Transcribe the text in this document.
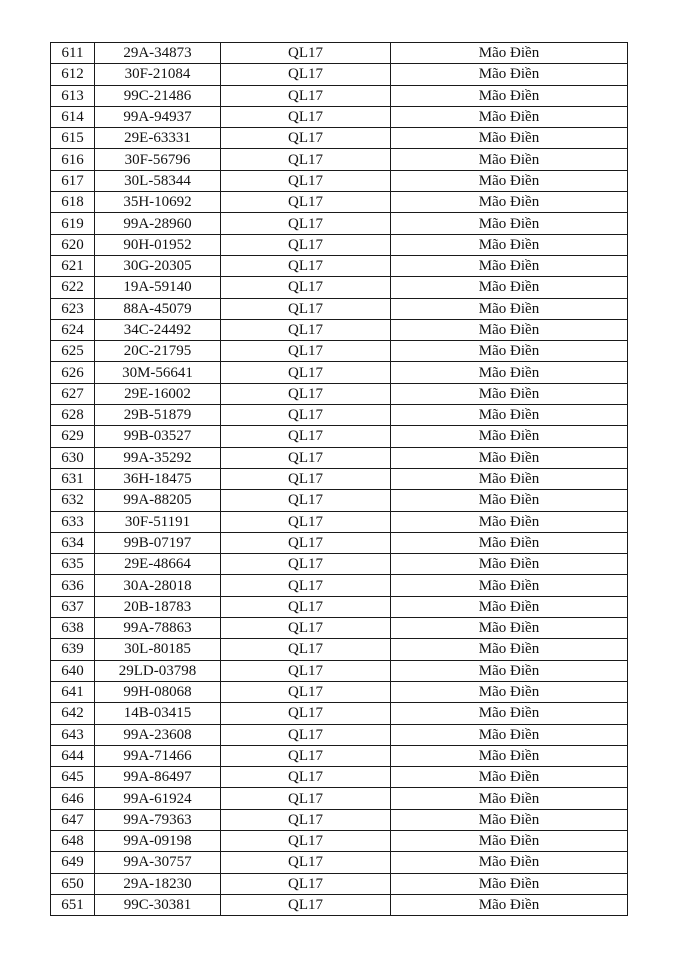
611	29A-34873	QL17	Mão Điền
612	30F-21084	QL17	Mão Điền
613	99C-21486	QL17	Mão Điền
614	99A-94937	QL17	Mão Điền
615	29E-63331	QL17	Mão Điền
616	30F-56796	QL17	Mão Điền
617	30L-58344	QL17	Mão Điền
618	35H-10692	QL17	Mão Điền
619	99A-28960	QL17	Mão Điền
620	90H-01952	QL17	Mão Điền
621	30G-20305	QL17	Mão Điền
622	19A-59140	QL17	Mão Điền
623	88A-45079	QL17	Mão Điền
624	34C-24492	QL17	Mão Điền
625	20C-21795	QL17	Mão Điền
626	30M-56641	QL17	Mão Điền
627	29E-16002	QL17	Mão Điền
628	29B-51879	QL17	Mão Điền
629	99B-03527	QL17	Mão Điền
630	99A-35292	QL17	Mão Điền
631	36H-18475	QL17	Mão Điền
632	99A-88205	QL17	Mão Điền
633	30F-51191	QL17	Mão Điền
634	99B-07197	QL17	Mão Điền
635	29E-48664	QL17	Mão Điền
636	30A-28018	QL17	Mão Điền
637	20B-18783	QL17	Mão Điền
638	99A-78863	QL17	Mão Điền
639	30L-80185	QL17	Mão Điền
640	29LD-03798	QL17	Mão Điền
641	99H-08068	QL17	Mão Điền
642	14B-03415	QL17	Mão Điền
643	99A-23608	QL17	Mão Điền
644	99A-71466	QL17	Mão Điền
645	99A-86497	QL17	Mão Điền
646	99A-61924	QL17	Mão Điền
647	99A-79363	QL17	Mão Điền
648	99A-09198	QL17	Mão Điền
649	99A-30757	QL17	Mão Điền
650	29A-18230	QL17	Mão Điền
651	99C-30381	QL17	Mão Điền
